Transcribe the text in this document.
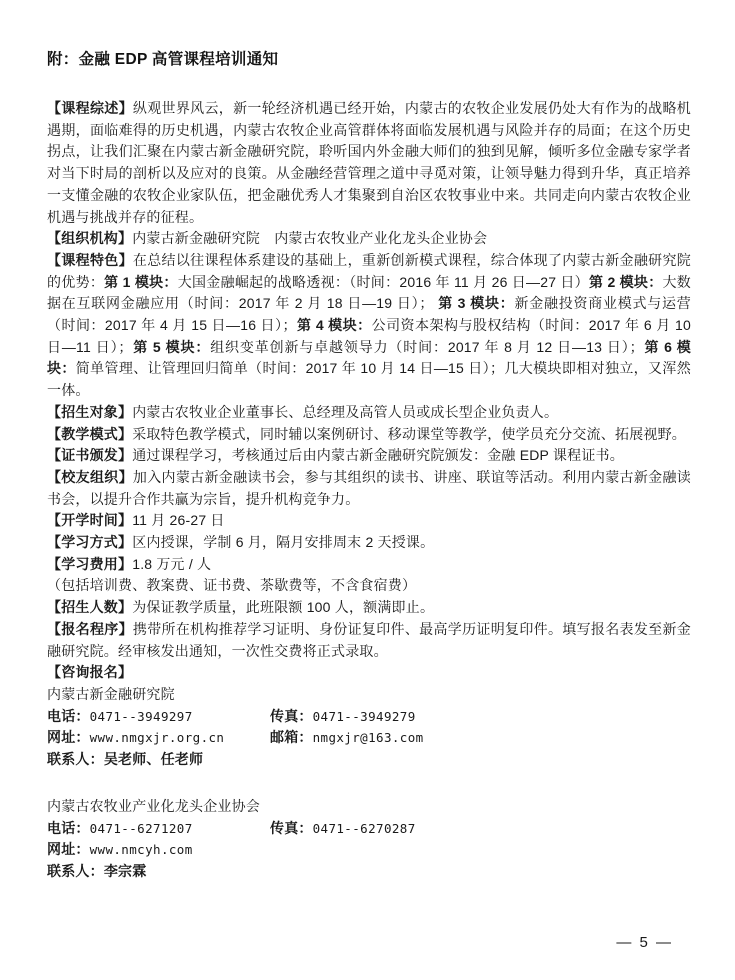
附：金融 EDP 高管课程培训通知

【课程综述】纵观世界风云，新一轮经济机遇已经开始，内蒙古的农牧企业发展仍处大有作为的战略机遇期，面临难得的历史机遇，内蒙古农牧企业高管群体将面临发展机遇与风险并存的局面；在这个历史拐点，让我们汇聚在内蒙古新金融研究院，聆听国内外金融大师们的独到见解，倾听多位金融专家学者对当下时局的剖析以及应对的良策。从金融经营管理之道中寻觅对策，让领导魅力得到升华，真正培养一支懂金融的农牧企业家队伍，把金融优秀人才集聚到自治区农牧事业中来。共同走向内蒙古农牧企业机遇与挑战并存的征程。

【组织机构】内蒙古新金融研究院　内蒙古农牧业产业化龙头企业协会

【课程特色】在总结以往课程体系建设的基础上，重新创新模式课程，综合体现了内蒙古新金融研究院的优势：第 1 模块：大国金融崛起的战略透视：（时间：2016 年 11 月 26 日—27 日）第 2 模块：大数据在互联网金融应用（时间：2017 年 2 月 18 日—19 日）； 第 3 模块：新金融投资商业模式与运营（时间：2017 年 4 月 15 日—16 日）；第 4 模块：公司资本架构与股权结构（时间：2017 年 6 月 10 日—11 日）；第 5 模块：组织变革创新与卓越领导力（时间：2017 年 8 月 12 日—13 日）；第 6 模块：简单管理、让管理回归简单（时间：2017 年 10 月 14 日—15 日）；几大模块即相对独立，又浑然一体。

【招生对象】内蒙古农牧业企业董事长、总经理及高管人员或成长型企业负责人。

【教学模式】采取特色教学模式，同时辅以案例研讨、移动课堂等教学，使学员充分交流、拓展视野。

【证书颁发】通过课程学习，考核通过后由内蒙古新金融研究院颁发：金融 EDP 课程证书。

【校友组织】加入内蒙古新金融读书会，参与其组织的读书、讲座、联谊等活动。利用内蒙古新金融读书会，以提升合作共赢为宗旨，提升机构竞争力。

【开学时间】11 月 26-27 日

【学习方式】区内授课，学制 6 月，隔月安排周末 2 天授课。

【学习费用】1.8 万元 / 人

（包括培训费、教案费、证书费、茶歇费等，不含食宿费）

【招生人数】为保证教学质量，此班限额 100 人，额满即止。

【报名程序】携带所在机构推荐学习证明、身份证复印件、最高学历证明复印件。填写报名表发至新金融研究院。经审核发出通知，一次性交费将正式录取。

【咨询报名】

内蒙古新金融研究院

电话：0471--3949297	传真：0471--3949279

网址：www.nmgxjr.org.cn	邮箱：nmgxjr@163.com

联系人：吴老师、任老师

内蒙古农牧业产业化龙头企业协会

电话：0471--6271207	传真：0471--6270287

网址：www.nmcyh.com

联系人：李宗霖

— 5 —
